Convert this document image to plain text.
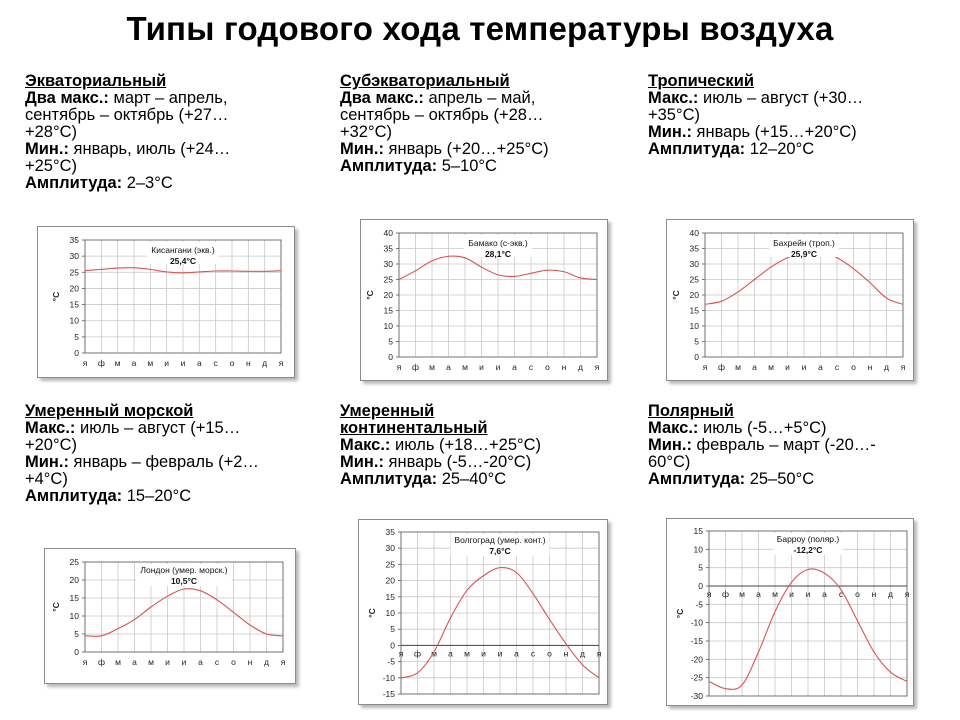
Типы годового хода температуры воздуха
Экваториальный
Два макс.: март – апрель,
сентябрь – октябрь (+27…
+28°С)
Мин.: январь, июль (+24…
+25°С)
Амплитуда: 2–3°С
Субэкваториальный
Два макс.: апрель – май,
сентябрь – октябрь (+28…
+32°С)
Мин.: январь (+20…+25°С)
Амплитуда: 5–10°С
Тропический
Макс.: июль – август (+30…
+35°С)
Мин.: январь (+15…+20°С)
Амплитуда: 12–20°С
Умеренный морской
Макс.: июль – август (+15…
+20°С)
Мин.: январь – февраль (+2…
+4°С)
Амплитуда: 15–20°С
Умеренный
континентальный
Макс.: июль (+18…+25°С)
Мин.: январь (-5…-20°С)
Амплитуда: 25–40°С
Полярный
Макс.: июль (-5…+5°С)
Мин.: февраль – март (-20…-
60°С)
Амплитуда: 25–50°С
0
5
10
15
20
25
30
35
я ф м а м и и а с о н д я
°С
Кисангани (экв.)
25,4°С
0
5
10
15
20
25
30
35
40
я ф м а м и и а с о н д я
°С
Бамако (с-экв.)
28,1°С
0
5
10
15
20
25
30
35
40
я ф м а м и и а с о н д я
°С
Бахрейн (троп.)
25,9°С
0
5
10
15
20
25
я ф м а м и и а с о н д я
°С
Лондон (умер. морск.)
10,5°С
-15
-10
-5
0
5
10
15
20
25
30
35
я ф м а м и и а с о н д я
°С
Волгоград (умер. конт.)
7,6°С
-30
-25
-20
-15
-10
-5
0
5
10
15
я ф м а м и и а с о н д я
°С
Барроу (поляр.)
-12,2°С
